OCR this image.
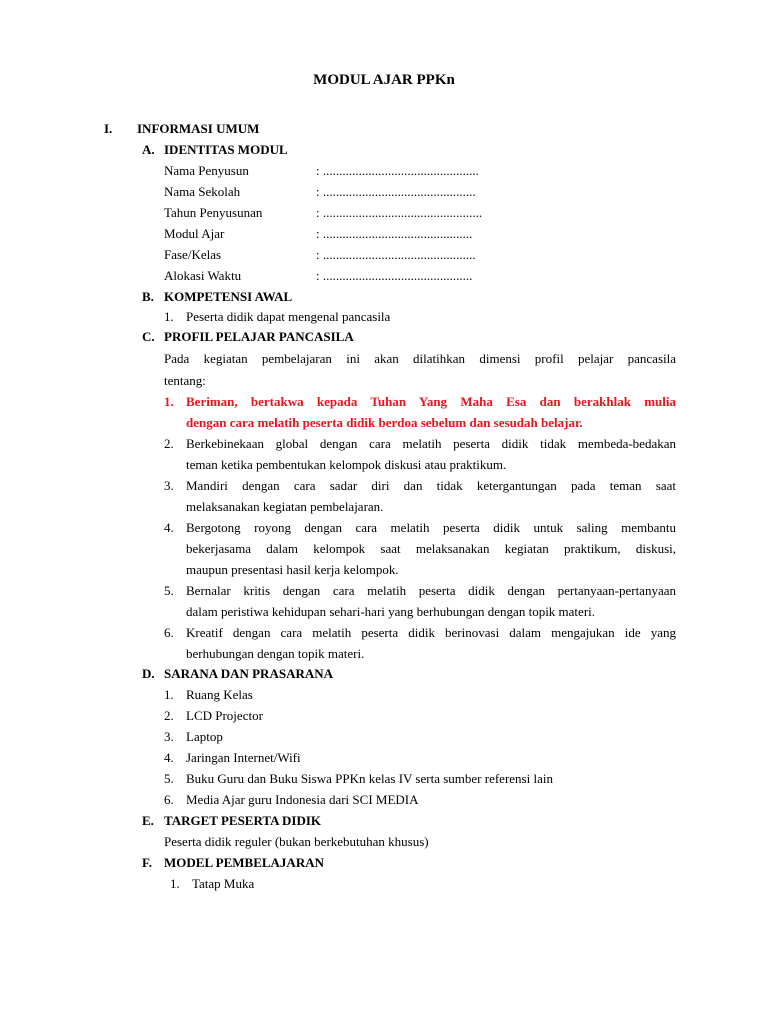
MODUL AJAR PPKn
I. INFORMASI UMUM
A. IDENTITAS MODUL
Nama Penyusun	: ................................................
Nama Sekolah	: ...............................................
Tahun Penyusunan	: .................................................
Modul Ajar	: ..............................................
Fase/Kelas	: ...............................................
Alokasi Waktu	: ..............................................
B. KOMPETENSI AWAL
1. Peserta didik dapat mengenal pancasila
C. PROFIL PELAJAR PANCASILA
Pada kegiatan pembelajaran ini akan dilatihkan dimensi profil pelajar pancasila
tentang:
1. Beriman, bertakwa kepada Tuhan Yang Maha Esa dan berakhlak mulia
dengan cara melatih peserta didik berdoa sebelum dan sesudah belajar.
2. Berkebinekaan global dengan cara melatih peserta didik tidak membeda-bedakan
teman ketika pembentukan kelompok diskusi atau praktikum.
3. Mandiri dengan cara sadar diri dan tidak ketergantungan pada teman saat
melaksanakan kegiatan pembelajaran.
4. Bergotong royong dengan cara melatih peserta didik untuk saling membantu
bekerjasama dalam kelompok saat melaksanakan kegiatan praktikum, diskusi,
maupun presentasi hasil kerja kelompok.
5. Bernalar kritis dengan cara melatih peserta didik dengan pertanyaan-pertanyaan
dalam peristiwa kehidupan sehari-hari yang berhubungan dengan topik materi.
6. Kreatif dengan cara melatih peserta didik berinovasi dalam mengajukan ide yang
berhubungan dengan topik materi.
D. SARANA DAN PRASARANA
1. Ruang Kelas
2. LCD Projector
3. Laptop
4. Jaringan Internet/Wifi
5. Buku Guru dan Buku Siswa PPKn kelas IV serta sumber referensi lain
6. Media Ajar guru Indonesia dari SCI MEDIA
E. TARGET PESERTA DIDIK
Peserta didik reguler (bukan berkebutuhan khusus)
F. MODEL PEMBELAJARAN
1. Tatap Muka
